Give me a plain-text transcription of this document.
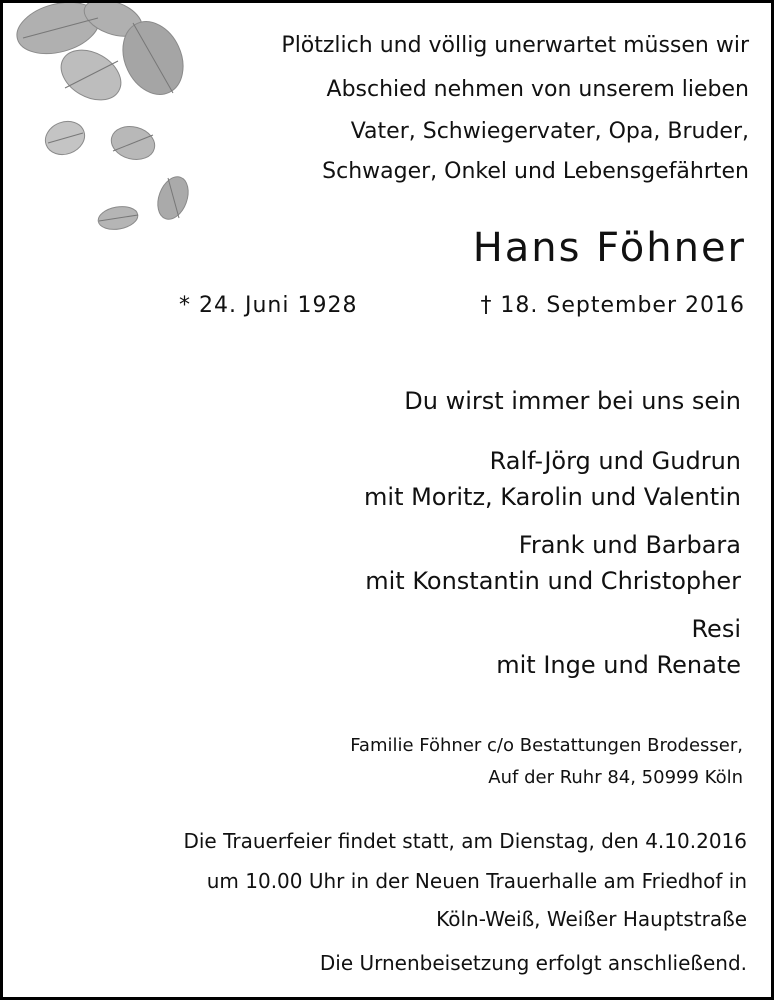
Plötzlich und völlig unerwartet müssen wir

Abschied nehmen von unserem lieben

Vater, Schwiegervater, Opa, Bruder,

Schwager, Onkel und Lebensgefährten

Hans Föhner

* 24. Juni 1928	† 18. September 2016

Du wirst immer bei uns sein

Ralf-Jörg und Gudrun

mit Moritz, Karolin und Valentin

Frank und Barbara

mit Konstantin und Christopher

Resi

mit Inge und Renate

Familie Föhner c/o Bestattungen Brodesser,

Auf der Ruhr 84, 50999 Köln

Die Trauerfeier findet statt, am Dienstag, den 4.10.2016

um 10.00 Uhr in der Neuen Trauerhalle am Friedhof in

Köln-Weiß, Weißer Hauptstraße

Die Urnenbeisetzung erfolgt anschließend.
